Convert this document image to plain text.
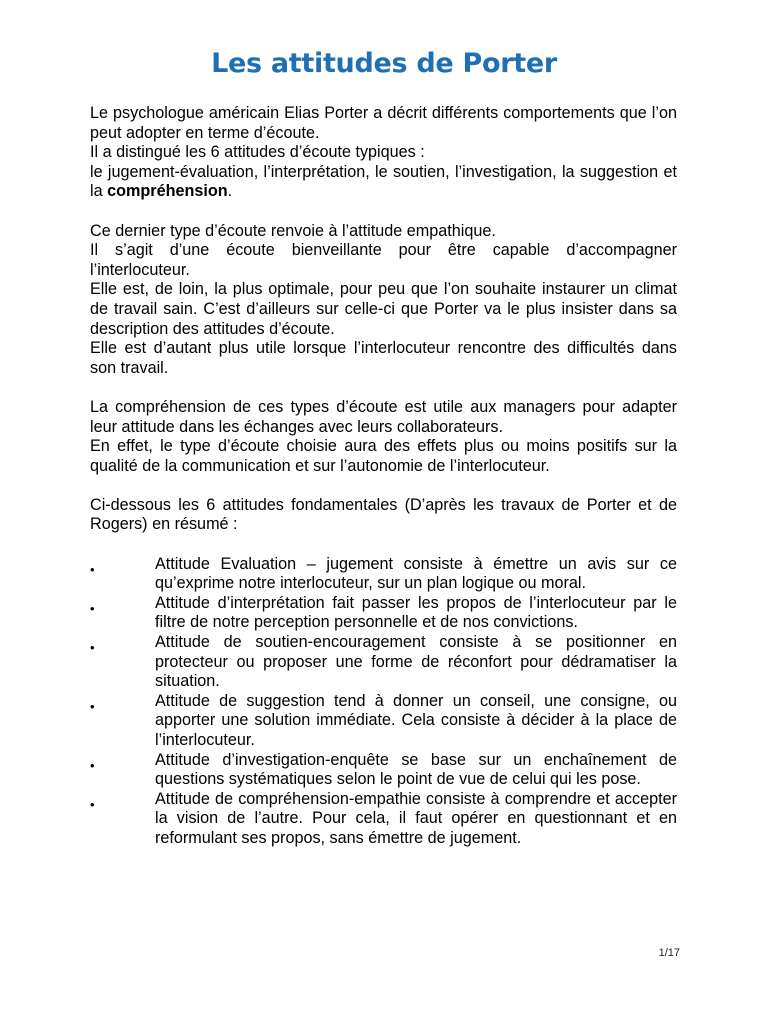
Les attitudes de Porter

Le psychologue américain Elias Porter a décrit différents comportements que l’on peut adopter en terme d’écoute.

Il a distingué les 6 attitudes d’écoute typiques :

le jugement-évaluation, l’interprétation, le soutien, l’investigation, la suggestion et la compréhension.

Ce dernier type d’écoute renvoie à l’attitude empathique.

Il s’agit d’une écoute bienveillante pour être capable d’accompagner l’interlocuteur.

Elle est, de loin, la plus optimale, pour peu que l’on souhaite instaurer un climat de travail sain. C’est d’ailleurs sur celle-ci que Porter va le plus insister dans sa description des attitudes d’écoute.

Elle est d’autant plus utile lorsque l’interlocuteur rencontre des difficultés dans son travail.

La compréhension de ces types d’écoute est utile aux managers pour adapter leur attitude dans les échanges avec leurs collaborateurs.

En effet, le type d’écoute choisie aura des effets plus ou moins positifs sur la qualité de la communication et sur l’autonomie de l’interlocuteur.

Ci-dessous les 6 attitudes fondamentales (D’après les travaux de Porter et de Rogers) en résumé :

•	Attitude Evaluation – jugement consiste à émettre un avis sur ce qu’exprime notre interlocuteur, sur un plan logique ou moral.
•	Attitude d’interprétation fait passer les propos de l’interlocuteur par le filtre de notre perception personnelle et de nos convictions.
•	Attitude de soutien-encouragement consiste à se positionner en protecteur ou proposer une forme de réconfort pour dédramatiser la situation.
•	Attitude de suggestion tend à donner un conseil, une consigne, ou apporter une solution immédiate. Cela consiste à décider à la place de l’interlocuteur.
•	Attitude d’investigation-enquête se base sur un enchaînement de questions systématiques selon le point de vue de celui qui les pose.
•	Attitude de compréhension-empathie consiste à comprendre et accepter la vision de l’autre. Pour cela, il faut opérer en questionnant et en reformulant ses propos, sans émettre de jugement.
1/17
